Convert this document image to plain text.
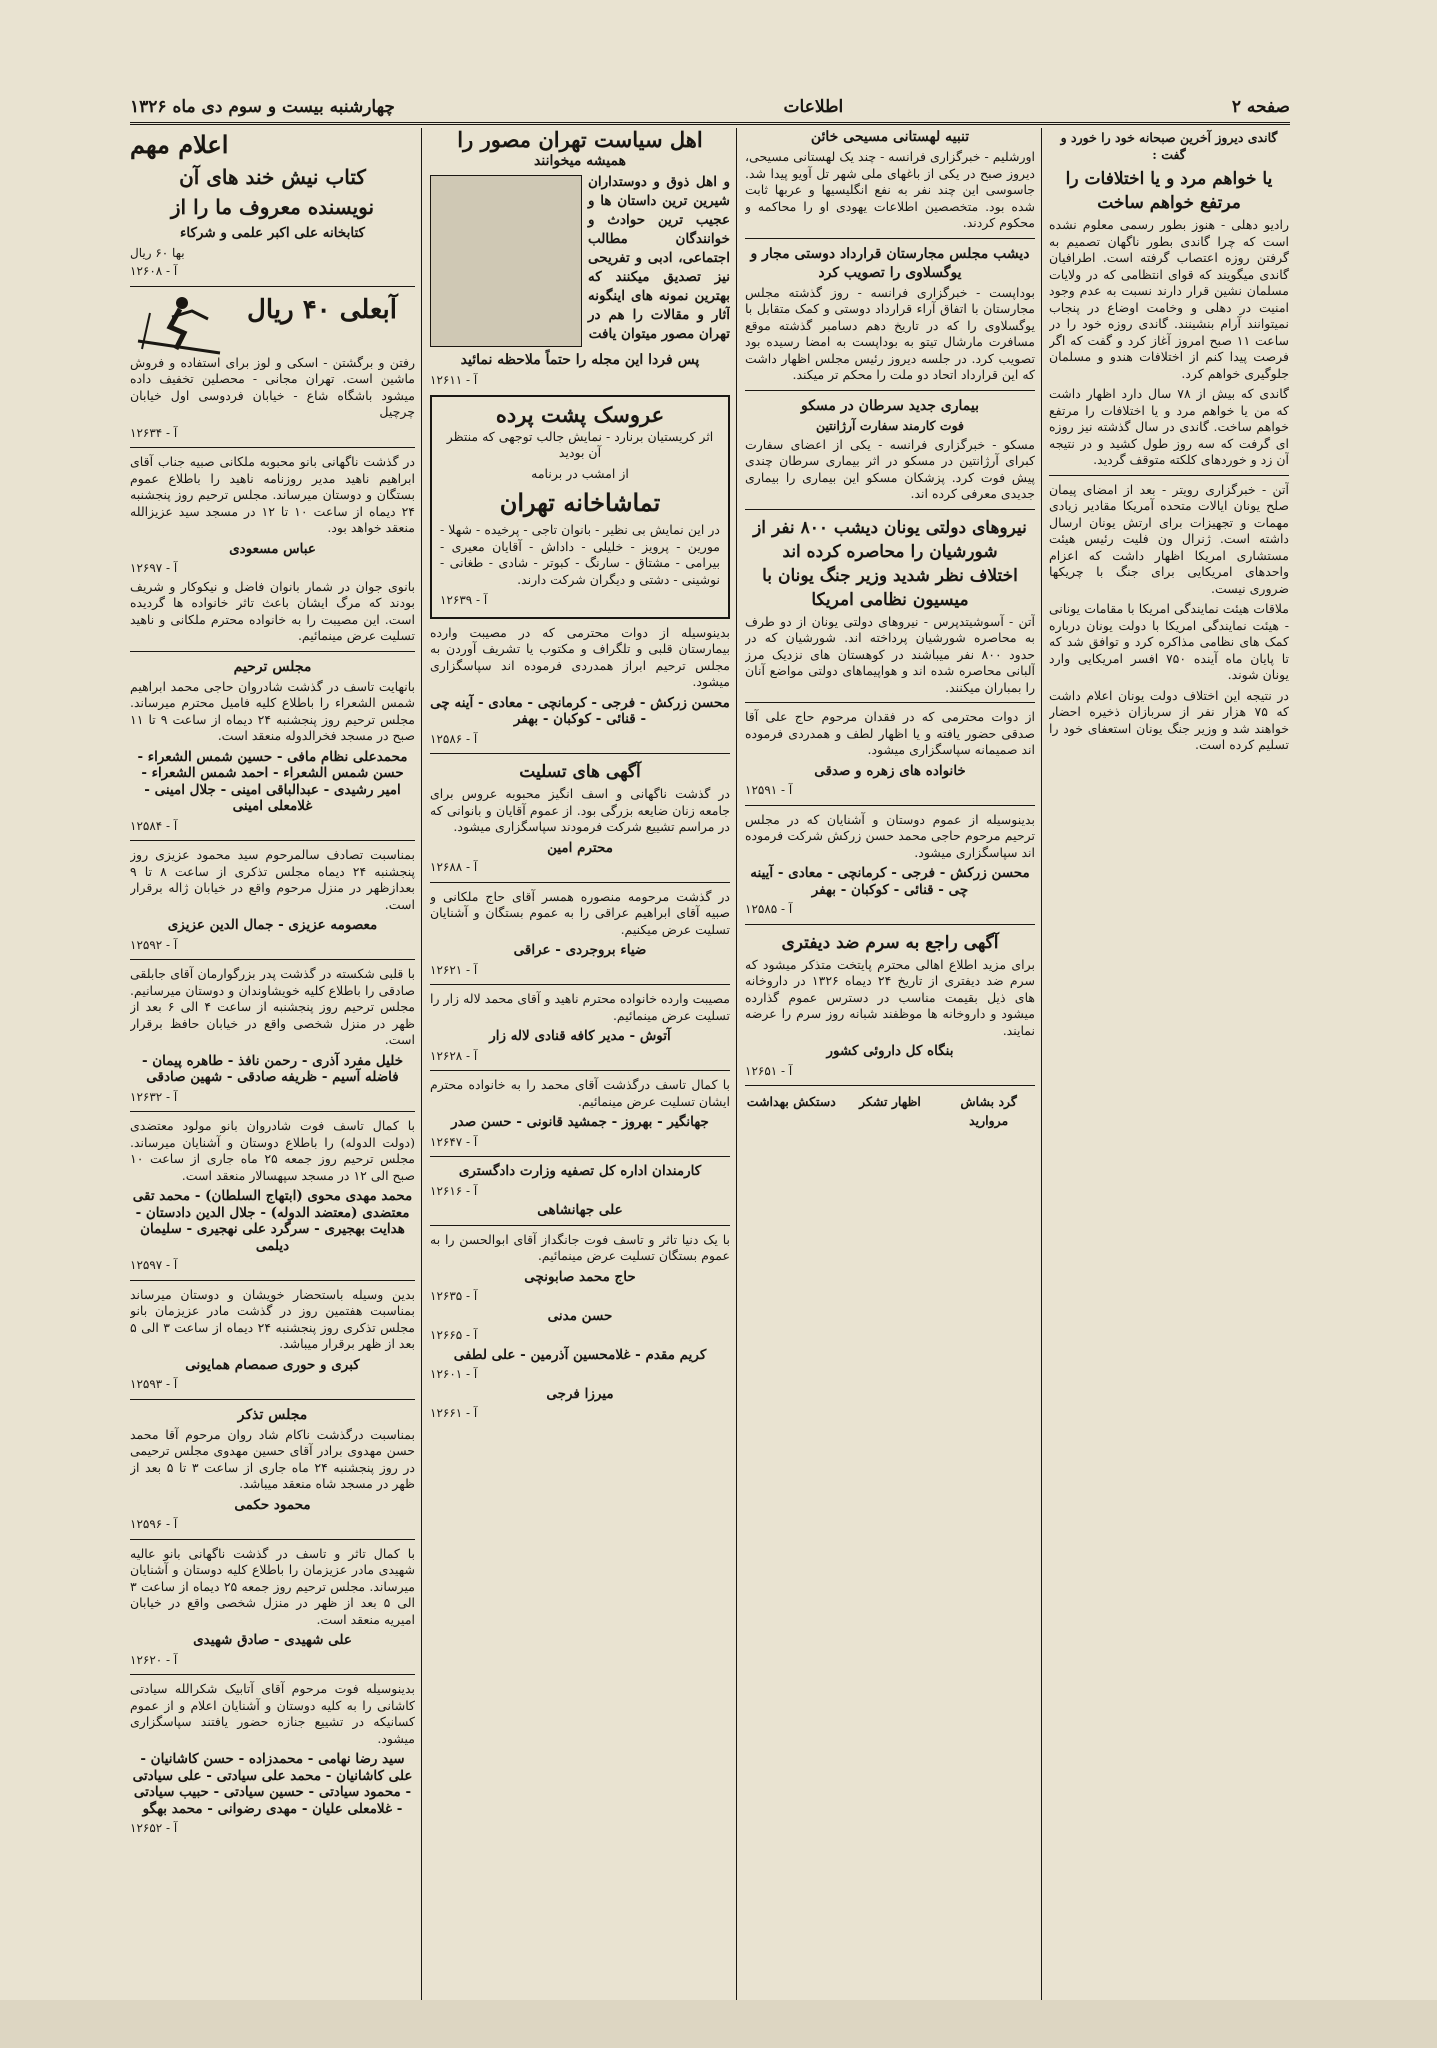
صفحه ۲
اطلاعات
چهارشنبه بیست و سوم دی ماه ۱۳۲۶

گاندی دیروز آخرین صبحانه خود را خورد و گفت :

یا خواهم مرد و یا اختلافات را مرتفع خواهم ساخت

رادیو دهلی - هنوز بطور رسمی معلوم نشده است که چرا گاندی بطور ناگهان تصمیم به گرفتن روزه اعتصاب گرفته است. اطرافیان گاندی میگویند که قوای انتظامی که در ولایات مسلمان نشین قرار دارند نسبت به عدم وجود امنیت در دهلی و وخامت اوضاع در پنجاب نمیتوانند آرام بنشینند. گاندی روزه خود را در ساعت ۱۱ صبح امروز آغاز کرد و گفت که اگر فرصت پیدا کنم از اختلافات هندو و مسلمان جلوگیری خواهم کرد.

گاندی که بیش از ۷۸ سال دارد اظهار داشت که من یا خواهم مرد و یا اختلافات را مرتفع خواهم ساخت. گاندی در سال گذشته نیز روزه ای گرفت که سه روز طول کشید و در نتیجه آن زد و خوردهای کلکته متوقف گردید.

آتن - خبرگزاری رویتر - بعد از امضای پیمان صلح یونان ایالات متحده آمریکا مقادیر زیادی مهمات و تجهیزات برای ارتش یونان ارسال داشته است. ژنرال ون فلیت رئیس هیئت مستشاری امریکا اظهار داشت که اعزام واحدهای امریکایی برای جنگ با چریکها ضروری نیست.

ملاقات هیئت نمایندگی امریکا با مقامات یونانی - هیئت نمایندگی امریکا با دولت یونان درباره کمک های نظامی مذاکره کرد و توافق شد که تا پایان ماه آینده ۷۵۰ افسر امریکایی وارد یونان شوند.

در نتیجه این اختلاف دولت یونان اعلام داشت که ۷۵ هزار نفر از سربازان ذخیره احضار خواهند شد و وزیر جنگ یونان استعفای خود را تسلیم کرده است.

تنبیه لهستانی مسیحی خائن

اورشلیم - خبرگزاری فرانسه - چند یک لهستانی مسیحی، دیروز صبح در یکی از باغهای ملی شهر تل آویو پیدا شد. جاسوسی این چند نفر به نفع انگلیسیها و عربها ثابت شده بود. متخصصین اطلاعات یهودی او را محاکمه و محکوم کردند.

دیشب مجلس مجارستان قرارداد دوستی مجار و یوگسلاوی را تصویب کرد

بوداپست - خبرگزاری فرانسه - روز گذشته مجلس مجارستان با اتفاق آراء قرارداد دوستی و کمک متقابل با یوگسلاوی را که در تاریخ دهم دسامبر گذشته موقع مسافرت مارشال تیتو به بوداپست به امضا رسیده بود تصویب کرد. در جلسه دیروز رئیس مجلس اظهار داشت که این قرارداد اتحاد دو ملت را محکم تر میکند.

بیماری جدید سرطان در مسکو
فوت کارمند سفارت آرژانتین

مسکو - خبرگزاری فرانسه - یکی از اعضای سفارت کبرای آرژانتین در مسکو در اثر بیماری سرطان چندی پیش فوت کرد. پزشکان مسکو این بیماری را بیماری جدیدی معرفی کرده اند.

نیروهای دولتی یونان دیشب ۸۰۰ نفر از شورشیان را محاصره کرده اند
اختلاف نظر شدید وزیر جنگ یونان با میسیون نظامی امریکا

آتن - آسوشیتدپرس - نیروهای دولتی یونان از دو طرف به محاصره شورشیان پرداخته اند. شورشیان که در حدود ۸۰۰ نفر میباشند در کوهستان های نزدیک مرز آلبانی محاصره شده اند و هواپیماهای دولتی مواضع آنان را بمباران میکنند.

از دوات محترمی که در فقدان مرحوم حاج علی آقا صدقی حضور یافته و یا اظهار لطف و همدردی فرموده اند صمیمانه سپاسگزاری میشود.

خانواده های زهره و صدقی
آ - ۱۲۵۹۱

بدینوسیله از عموم دوستان و آشنایان که در مجلس ترحیم مرحوم حاجی محمد حسن زرکش شرکت فرموده اند سپاسگزاری میشود.

محسن زرکش - فرجی - کرمانچی - معادی - آیینه چی - قنائی - کوکبان - بهفر
آ - ۱۲۵۸۵
آگهی راجع به سرم ضد دیفتری

برای مزید اطلاع اهالی محترم پایتخت متذکر میشود که سرم ضد دیفتری از تاریخ ۲۴ دیماه ۱۳۲۶ در داروخانه های ذیل بقیمت مناسب در دسترس عموم گذارده میشود و داروخانه ها موظفند شبانه روز سرم را عرضه نمایند.

بنگاه کل داروئی کشور
آ - ۱۲۶۵۱
گرد بشاش مروارید
اظهار تشکر
دستکش بهداشت
اهل سیاست تهران مصور را
همیشه میخوانند

و اهل ذوق و دوستداران شیرین ترین داستان ها و عجیب ترین حوادث و خوانندگان مطالب اجتماعی، ادبی و تفریحی نیز تصدیق میکنند که بهترین نمونه های اینگونه آثار و مقالات را هم در تهران مصور میتوان یافت

پس فردا این مجله را حتماً ملاحظه نمائید
آ - ۱۲۶۱۱
عروسک پشت پرده

اثر کریستیان برنارد - نمایش جالب توجهی که منتظر آن بودید

از امشب در برنامه

تماشاخانه تهران

در این نمایش بی نظیر - بانوان تاجی - پرخیده - شهلا - مورین - پرویز - خلیلی - داداش - آقایان معیری - بیرامی - مشتاق - سارنگ - کبوتر - شادی - طغانی - نوشینی - دشتی و دیگران شرکت دارند.

آ - ۱۲۶۳۹

بدینوسیله از دوات محترمی که در مصیبت وارده بیمارستان قلبی و تلگراف و مکتوب یا تشریف آوردن به مجلس ترحیم ابراز همدردی فرموده اند سپاسگزاری میشود.

محسن زرکش - فرجی - کرمانچی - معادی - آینه چی - قنائی - کوکبان - بهفر
آ - ۱۲۵۸۶
آگهی های تسلیت

در گذشت ناگهانی و اسف انگیز محبوبه عروس برای جامعه زنان ضایعه بزرگی بود. از عموم آقایان و بانوانی که در مراسم تشییع شرکت فرمودند سپاسگزاری میشود.

محترم امین
آ - ۱۲۶۸۸

در گذشت مرحومه منصوره همسر آقای حاج ملکانی و صبیه آقای ابراهیم عراقی را به عموم بستگان و آشنایان تسلیت عرض میکنیم.

ضیاء بروجردی - عراقی
آ - ۱۲۶۲۱

مصیبت وارده خانواده محترم ناهید و آقای محمد لاله زار را تسلیت عرض مینمائیم.

آتوش - مدیر کافه قنادی لاله زار
آ - ۱۲۶۲۸

با کمال تاسف درگذشت آقای محمد را به خانواده محترم ایشان تسلیت عرض مینمائیم.

جهانگیر - بهروز - جمشید قانونی - حسن صدر
آ - ۱۲۶۴۷
کارمندان اداره کل تصفیه وزارت دادگستری
آ - ۱۲۶۱۶
علی جهانشاهی

با یک دنیا تاثر و تاسف فوت جانگداز آقای ابوالحسن را به عموم بستگان تسلیت عرض مینمائیم.

حاج محمد صابونچی
آ - ۱۲۶۳۵
حسن مدنی
آ - ۱۲۶۶۵
کریم مقدم - غلامحسین آذرمین - علی لطفی
آ - ۱۲۶۰۱
میرزا فرجی
آ - ۱۲۶۶۱
اعلام مهم
کتاب نیش خند های آن
نویسنده معروف ما را از
کتابخانه علی اکبر علمی و شرکاء
بها ۶۰ ریال
آ - ۱۲۶۰۸
آبعلی ۴۰ ریال

رفتن و برگشتن - اسکی و لوز برای استفاده و فروش ماشین است. تهران مجانی - محصلین تخفیف داده میشود باشگاه شاع - خیابان فردوسی اول خیابان چرچیل

آ - ۱۲۶۳۴

در گذشت ناگهانی بانو محبوبه ملکانی صبیه جناب آقای ابراهیم ناهید مدیر روزنامه ناهید را باطلاع عموم بستگان و دوستان میرساند. مجلس ترحیم روز پنجشنبه ۲۴ دیماه از ساعت ۱۰ تا ۱۲ در مسجد سید عزیزالله منعقد خواهد بود.

عباس مسعودی
آ - ۱۲۶۹۷

بانوی جوان در شمار بانوان فاضل و نیکوکار و شریف بودند که مرگ ایشان باعث تاثر خانواده ها گردیده است. این مصیبت را به خانواده محترم ملکانی و ناهید تسلیت عرض مینمائیم.

مجلس ترحیم

بانهایت تاسف در گذشت شادروان حاجی محمد ابراهیم شمس الشعراء را باطلاع کلیه فامیل محترم میرساند. مجلس ترحیم روز پنجشنبه ۲۴ دیماه از ساعت ۹ تا ۱۱ صبح در مسجد فخرالدوله منعقد است.

محمدعلی نظام مافی - حسین شمس الشعراء - حسن شمس الشعراء - احمد شمس الشعراء - امیر رشیدی - عبدالباقی امینی - جلال امینی - غلامعلی امینی
آ - ۱۲۵۸۴

بمناسبت تصادف سالمرحوم سید محمود عزیزی روز پنجشنبه ۲۴ دیماه مجلس تذکری از ساعت ۸ تا ۹ بعدازظهر در منزل مرحوم واقع در خیابان ژاله برقرار است.

معصومه عزیزی - جمال الدین عزیزی
آ - ۱۲۵۹۲

با قلبی شکسته در گذشت پدر بزرگوارمان آقای جابلقی صادقی را باطلاع کلیه خویشاوندان و دوستان میرسانیم. مجلس ترحیم روز پنجشنبه از ساعت ۴ الی ۶ بعد از ظهر در منزل شخصی واقع در خیابان حافظ برقرار است.

خلیل مفرد آذری - رحمن نافذ - طاهره پیمان - فاضله آسیم - ظریفه صادقی - شهین صادقی
آ - ۱۲۶۳۲

با کمال تاسف فوت شادروان بانو مولود معتضدی (دولت الدوله) را باطلاع دوستان و آشنایان میرساند. مجلس ترحیم روز جمعه ۲۵ ماه جاری از ساعت ۱۰ صبح الی ۱۲ در مسجد سپهسالار منعقد است.

محمد مهدی محوی (ابتهاج السلطان) - محمد تقی معتضدی (معتضد الدوله) - جلال الدین دادستان - هدایت بهجیری - سرگرد علی نهجیری - سلیمان دیلمی
آ - ۱۲۵۹۷

بدین وسیله باستحضار خویشان و دوستان میرساند بمناسبت هفتمین روز در گذشت مادر عزیزمان بانو مجلس تذکری روز پنجشنبه ۲۴ دیماه از ساعت ۳ الی ۵ بعد از ظهر برقرار میباشد.

کبری و حوری صمصام همایونی
آ - ۱۲۵۹۳
مجلس تذکر

بمناسبت درگذشت ناکام شاد روان مرحوم آقا محمد حسن مهدوی برادر آقای حسین مهدوی مجلس ترحیمی در روز پنجشنبه ۲۴ ماه جاری از ساعت ۳ تا ۵ بعد از ظهر در مسجد شاه منعقد میباشد.

محمود حکمی
آ - ۱۲۵۹۶

با کمال تاثر و تاسف در گذشت ناگهانی بانو عالیه شهیدی مادر عزیزمان را باطلاع کلیه دوستان و آشنایان میرساند. مجلس ترحیم روز جمعه ۲۵ دیماه از ساعت ۳ الی ۵ بعد از ظهر در منزل شخصی واقع در خیابان امیریه منعقد است.

علی شهیدی - صادق شهیدی
آ - ۱۲۶۲۰

بدینوسیله فوت مرحوم آقای آتابیک شکرالله سیادتی کاشانی را به کلیه دوستان و آشنایان اعلام و از عموم کسانیکه در تشییع جنازه حضور یافتند سپاسگزاری میشود.

سید رضا نهامی - محمدزاده - حسن کاشانیان - علی کاشانیان - محمد علی سیادتی - علی سیادتی - محمود سیادتی - حسین سیادتی - حبیب سیادتی - غلامعلی علیان - مهدی رضوانی - محمد بهگو
آ - ۱۲۶۵۲
